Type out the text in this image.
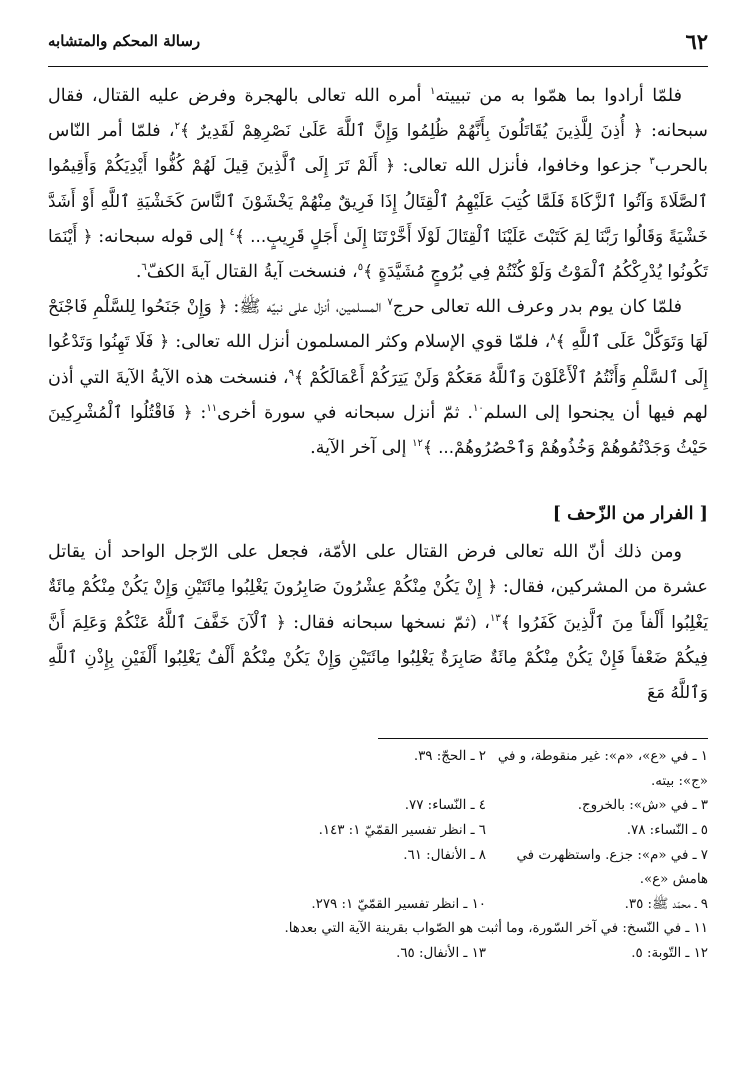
٦٢
رسالة المحكم والمتشابه

فلمّا أرادوا بما همّوا به من تبييته$^١$ أمره الله تعالى بالهجرة وفرض عليه القتال، فقال سبحانه: ﴿ أُذِنَ لِلَّذِينَ يُقَاتَلُونَ بِأَنَّهُمْ ظُلِمُوا وَإِنَّ ٱللَّهَ عَلَىٰ نَصْرِهِمْ لَقَدِيرٌ ﴾$^٢$، فلمّا أمر النّاس بالحرب$^٣$ جزعوا وخافوا، فأنزل الله تعالى: ﴿ أَلَمْ تَرَ إِلَى ٱلَّذِينَ قِيلَ لَهُمْ كُفُّوا أَيْدِيَكُمْ وَأَقِيمُوا ٱلصَّلَاةَ وَآتُوا ٱلزَّكَاةَ فَلَمَّا كُتِبَ عَلَيْهِمُ ٱلْقِتَالُ إِذَا فَرِيقٌ مِنْهُمْ يَخْشَوْنَ ٱلنَّاسَ كَخَشْيَةِ ٱللَّهِ أَوْ أَشَدَّ خَشْيَةً وَقَالُوا رَبَّنَا لِمَ كَتَبْتَ عَلَيْنَا ٱلْقِتَالَ لَوْلَا أَخَّرْتَنَا إِلَىٰ أَجَلٍ قَرِيبٍ... ﴾$^٤$ إلى قوله سبحانه: ﴿ أَيْنَمَا تَكُونُوا يُدْرِكْكُمُ ٱلْمَوْتُ وَلَوْ كُنْتُمْ فِي بُرُوجٍ مُشَيَّدَةٍ ﴾$^٥$، فنسخت آيةُ القتال آيةَ الكفّ$^٦$.

فلمّا كان يوم بدر وعرف الله تعالى حرج$^٧$ المسلمين، أنزل على نبيّه ﷺ: ﴿ وَإِنْ جَنَحُوا لِلسَّلْمِ فَاجْنَحْ لَهَا وَتَوَكَّلْ عَلَى ٱللَّهِ ﴾$^٨$، فلمّا قوي الإسلام وكثر المسلمون أنزل الله تعالى: ﴿ فَلَا تَهِنُوا وَتَدْعُوا إِلَى ٱلسَّلْمِ وَأَنْتُمُ ٱلْأَعْلَوْنَ وَٱللَّهُ مَعَكُمْ وَلَنْ يَتِرَكُمْ أَعْمَالَكُمْ ﴾$^٩$، فنسخت هذه الآيةُ الآيةَ التي أذن لهم فيها أن يجنحوا إلى السلم$^{١٠}$. ثمّ أنزل سبحانه في سورة أخرى$^{١١}$: ﴿ فَاقْتُلُوا ٱلْمُشْرِكِينَ حَيْثُ وَجَدْتُمُوهُمْ وَخُذُوهُمْ وَٱحْصُرُوهُمْ... ﴾$^{١٢}$ إلى آخر الآية.

[ الفرار من الزّحف ]

ومن ذلك أنّ الله تعالى فرض القتال على الأمّة، فجعل على الرّجل الواحد أن يقاتل عشرة من المشركين، فقال: ﴿ إِنْ يَكُنْ مِنْكُمْ عِشْرُونَ صَابِرُونَ يَغْلِبُوا مِائَتَيْنِ وَإِنْ يَكُنْ مِنْكُمْ مِائَةٌ يَغْلِبُوا أَلْفاً مِنَ ٱلَّذِينَ كَفَرُوا ﴾$^{١٣}$، (ثمّ نسخها سبحانه فقال: ﴿ ٱلْآنَ خَفَّفَ ٱللَّهُ عَنْكُمْ وَعَلِمَ أَنَّ فِيكُمْ ضَعْفاً فَإِنْ يَكُنْ مِنْكُمْ مِائَةٌ صَابِرَةٌ يَغْلِبُوا مِائَتَيْنِ وَإِنْ يَكُنْ مِنْكُمْ أَلْفٌ يَغْلِبُوا أَلْفَيْنِ بِإِذْنِ ٱللَّهِ وَٱللَّهُ مَعَ

١ ـ في «ع»، «م»: غير منقوطة، و في «ج»: بيته.
٢ ـ الحجّ: ٣٩.
٣ ـ في «ش»: بالخروج.
٤ ـ النّساء: ٧٧.
٥ ـ النّساء: ٧٨.
٦ ـ انظر تفسير القمّيّ ١: ١٤٣.
٧ ـ في «م»: جزع. واستظهرت في هامش «ع».
٨ ـ الأنفال: ٦١.
٩ ـ محمّد ﷺ: ٣٥.
١٠ ـ انظر تفسير القمّيّ ١: ٢٧٩.
١١ ـ في النّسخ: في آخر السّورة، وما أثبت هو الصّواب بقرينة الآية التي بعدها.
١٢ ـ التّوبة: ٥.
١٣ ـ الأنفال: ٦٥.
